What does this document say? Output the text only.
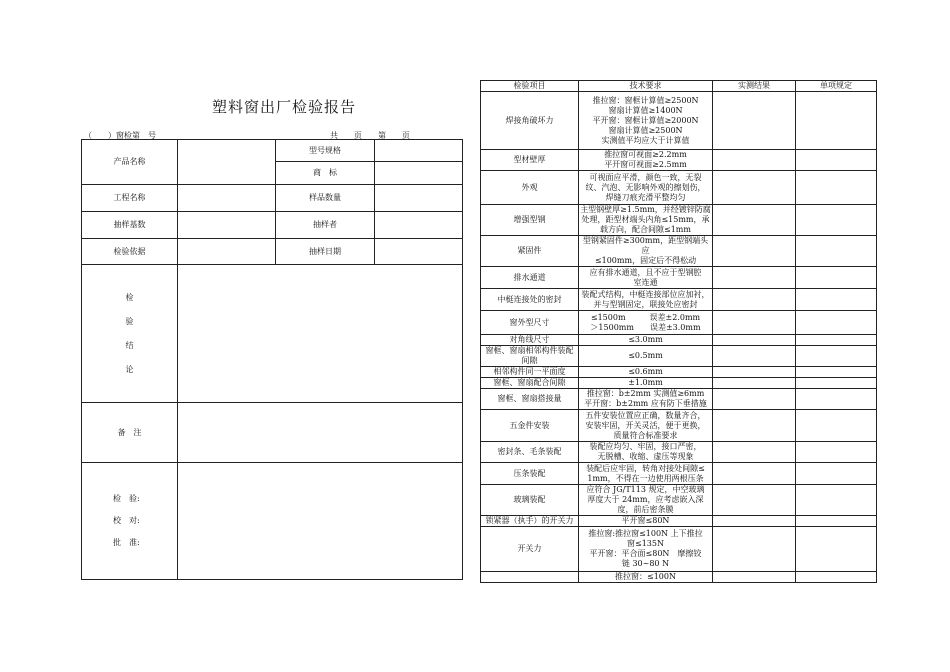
塑料窗出厂检验报告
（　　）窗检第　号	共　　页　　第　　页
产品名称		型号规格	
		商　标	
工程名称		样品数量	
抽样基数		抽样者	
检验依据		抽样日期	

检
验
结
论			

备　注			

检　验:
校　对:
批　准:			

检验项目	技术要求	实测结果	单项规定
焊接角破坏力	推拉窗：窗框计算值≥2500N
窗扇计算值≥1400N
平开窗：窗框计算值≥2000N
窗扇计算值≥2500N
实测值平均应大于计算值		

型材壁厚	推拉窗可视面≥2.2mm
平开窗可视面≥2.5mm		

外观	可视面应平滑，颜色一致，无裂
纹、汽泡、无影响外观的擦划伤，
焊缝刀痕充滑平整均匀		

增强型钢	主型钢壁厚≥1.5mm，并经镀锌防腐
处理，距型材端头内角≤15mm，承
载方向，配合间隙≤1mm		

紧固件	型钢紧固件≥300mm，距型钢端头应
≤100mm，固定后不得松动		

排水通道	应有排水通道，且不应于型钢腔
室连通		

中梃连接处的密封	装配式结构，中梃连接部位应加衬，
并与型钢固定，联接处应密封		

窗外型尺寸	≤1500m　　　误差±2.0mm
＞1500mm　　误差±3.0mm		

对角线尺寸	≤3.0mm		

窗框、窗扇相邻构件装配间隙	≤0.5mm		

相邻构件同一平面度	≤0.6mm		

窗框、窗扇配合间隙	±1.0mm		

窗框、窗扇搭接量	推拉窗：b±2mm 实测值≥6mm
平开窗：b±2mm 应有防下垂措施		

五金件安装	五件安装位置应正确，数量齐合，
安装牢固，开关灵活，便于更换，
质量符合标准要求		

密封条、毛条装配	装配应均匀、牢固，接口严密，
无脱槽、收缩、虚压等现象		

压条装配	装配后应牢固，转角对接处间隙≤
1mm，不得在一边使用两根压条		

玻璃装配	应符合 JG/T113 规定，中空玻璃
厚度大于 24mm，应考虑嵌入深
度，前后密条膜		

锁紧器（执手）的开关力	平开窗≤80N		

开关力	推拉窗:推拉窗≤100N 上下推拉
窗≤135N
平开窗：平合面≤80N　摩擦铰
链 30~80 N		

	推拉窗：≤100N		
